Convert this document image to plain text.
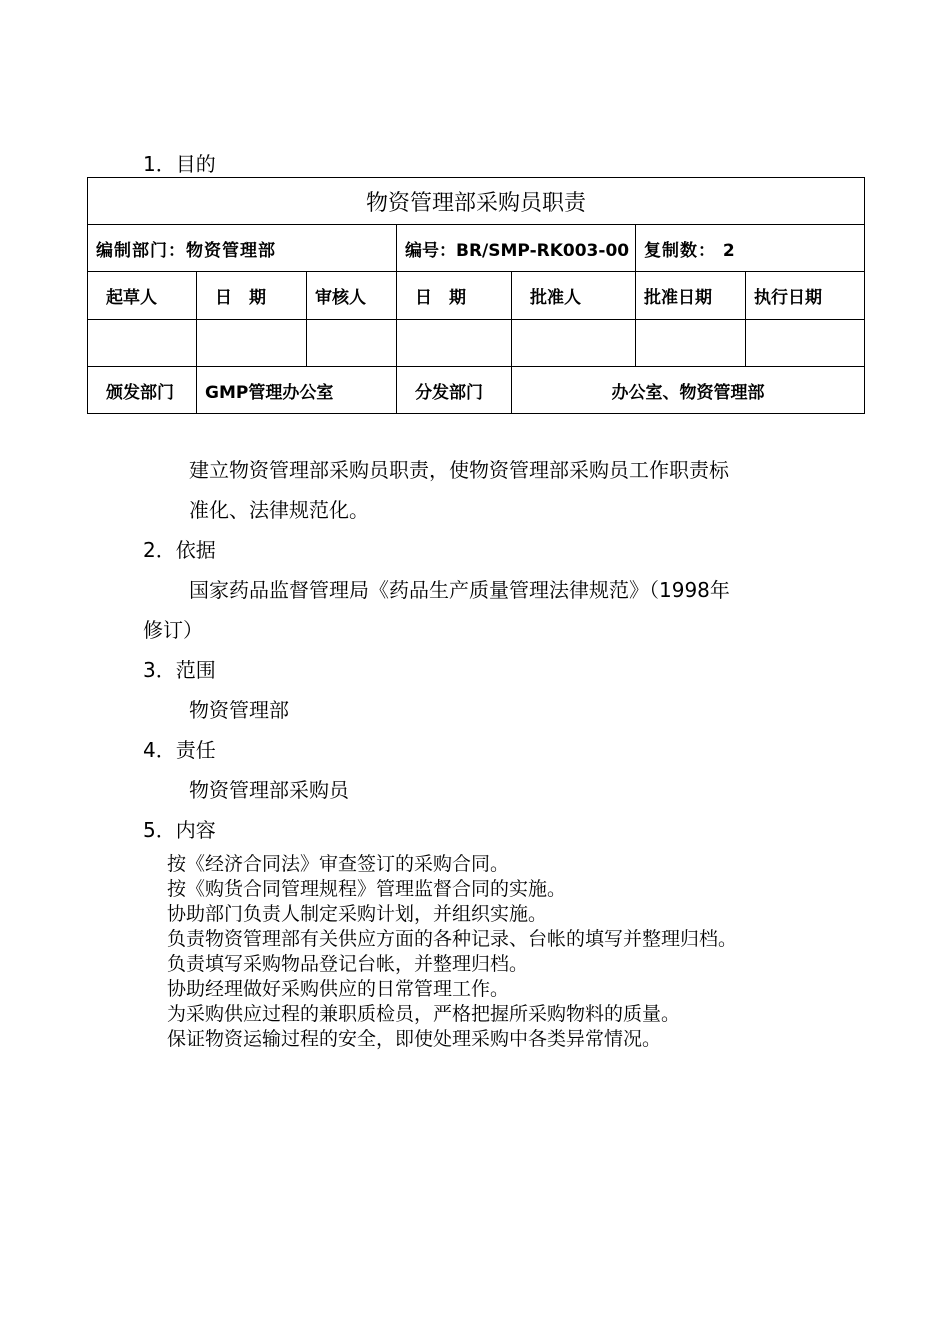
1．目的
物资管理部采购员职责						
编制部门：物资管理部			编号：BR/SMP-RK003-00		复制数： 2	
起草人	日　期	审核人	日　期	批准人	批准日期	执行日期

颁发部门	GMP管理办公室		分发部门	办公室、物资管理部		
建立物资管理部采购员职责，使物资管理部采购员工作职责标
准化、法律规范化。
2．依据
国家药品监督管理局《药品生产质量管理法律规范》（1998年
修订）
3．范围
物资管理部
4．责任
物资管理部采购员
5．内容
按《经济合同法》审查签订的采购合同。
按《购货合同管理规程》管理监督合同的实施。
协助部门负责人制定采购计划，并组织实施。
负责物资管理部有关供应方面的各种记录、台帐的填写并整理归档。
负责填写采购物品登记台帐，并整理归档。
协助经理做好采购供应的日常管理工作。
为采购供应过程的兼职质检员，严格把握所采购物料的质量。
保证物资运输过程的安全，即使处理采购中各类异常情况。
